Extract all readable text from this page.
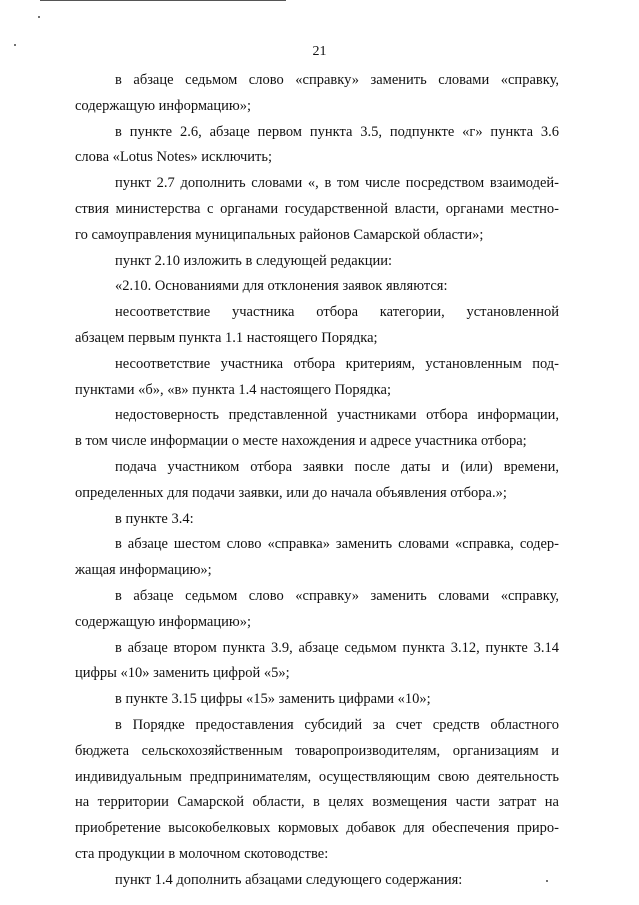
21
в абзаце седьмом слово «справку» заменить словами «справку,
содержащую информацию»;
в пункте 2.6, абзаце первом пункта 3.5, подпункте «г» пункта 3.6
слова «Lotus Notes» исключить;
пункт 2.7 дополнить словами «, в том числе посредством взаимодей-
ствия министерства с органами государственной власти, органами местно-
го самоуправления муниципальных районов Самарской области»;
пункт 2.10 изложить в следующей редакции:
«2.10. Основаниями для отклонения заявок являются:
несоответствие участника отбора категории, установленной
абзацем первым пункта 1.1 настоящего Порядка;
несоответствие участника отбора критериям, установленным под-
пунктами «б», «в» пункта 1.4 настоящего Порядка;
недостоверность представленной участниками отбора информации,
в том числе информации о месте нахождения и адресе участника отбора;
подача участником отбора заявки после даты и (или) времени,
определенных для подачи заявки, или до начала объявления отбора.»;
в пункте 3.4:
в абзаце шестом слово «справка» заменить словами «справка, содер-
жащая информацию»;
в абзаце седьмом слово «справку» заменить словами «справку,
содержащую информацию»;
в абзаце втором пункта 3.9, абзаце седьмом пункта 3.12, пункте 3.14
цифры «10» заменить цифрой «5»;
в пункте 3.15 цифры «15» заменить цифрами «10»;
в Порядке предоставления субсидий за счет средств областного
бюджета сельскохозяйственным товаропроизводителям, организациям и
индивидуальным предпринимателям, осуществляющим свою деятельность
на территории Самарской области, в целях возмещения части затрат на
приобретение высокобелковых кормовых добавок для обеспечения приро-
ста продукции в молочном скотоводстве:
пункт 1.4 дополнить абзацами следующего содержания:
